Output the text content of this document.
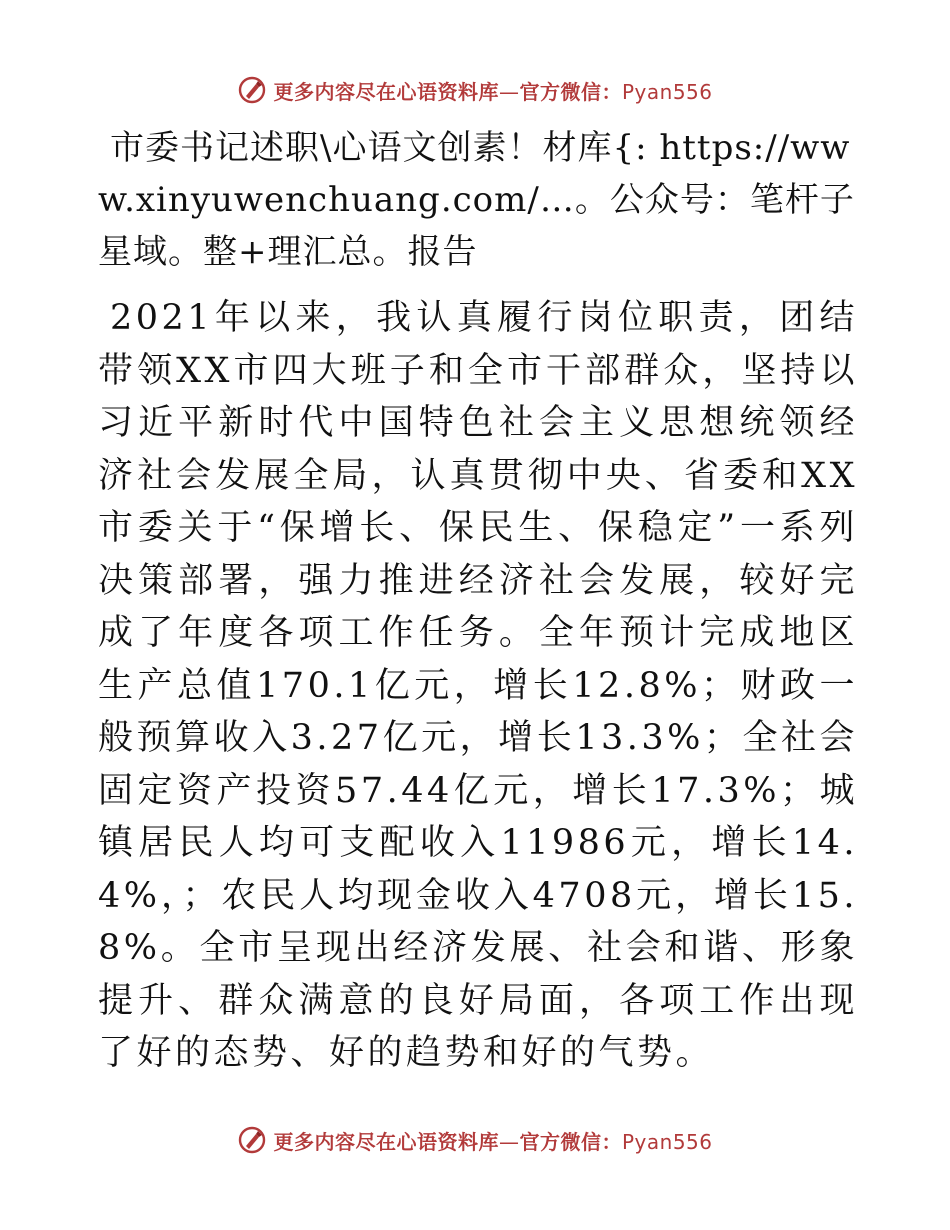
更多内容尽在心语资料库—官方微信：Pyan556

市委书记述职\心语文创素！材库{: https://www.xinyuwenchuang.com/…。公众号：笔杆子星域。整+理汇总。报告

2021年以来，我认真履行岗位职责，团结带领XX市四大班子和全市干部群众，坚持以习近平新时代中国特色社会主义思想统领经济社会发展全局，认真贯彻中央、省委和XX市委关于“保增长、保民生、保稳定”一系列决策部署，强力推进经济社会发展，较好完成了年度各项工作任务。全年预计完成地区生产总值170.1亿元，增长12.8%；财政一般预算收入3.27亿元，增长13.3%；全社会固定资产投资57.44亿元，增长17.3%；城镇居民人均可支配收入11986元，增长14.4%，；农民人均现金收入4708元，增长15.8%。全市呈现出经济发展、社会和谐、形象提升、群众满意的良好局面，各项工作出现了好的态势、好的趋势和好的气势。

更多内容尽在心语资料库—官方微信：Pyan556
